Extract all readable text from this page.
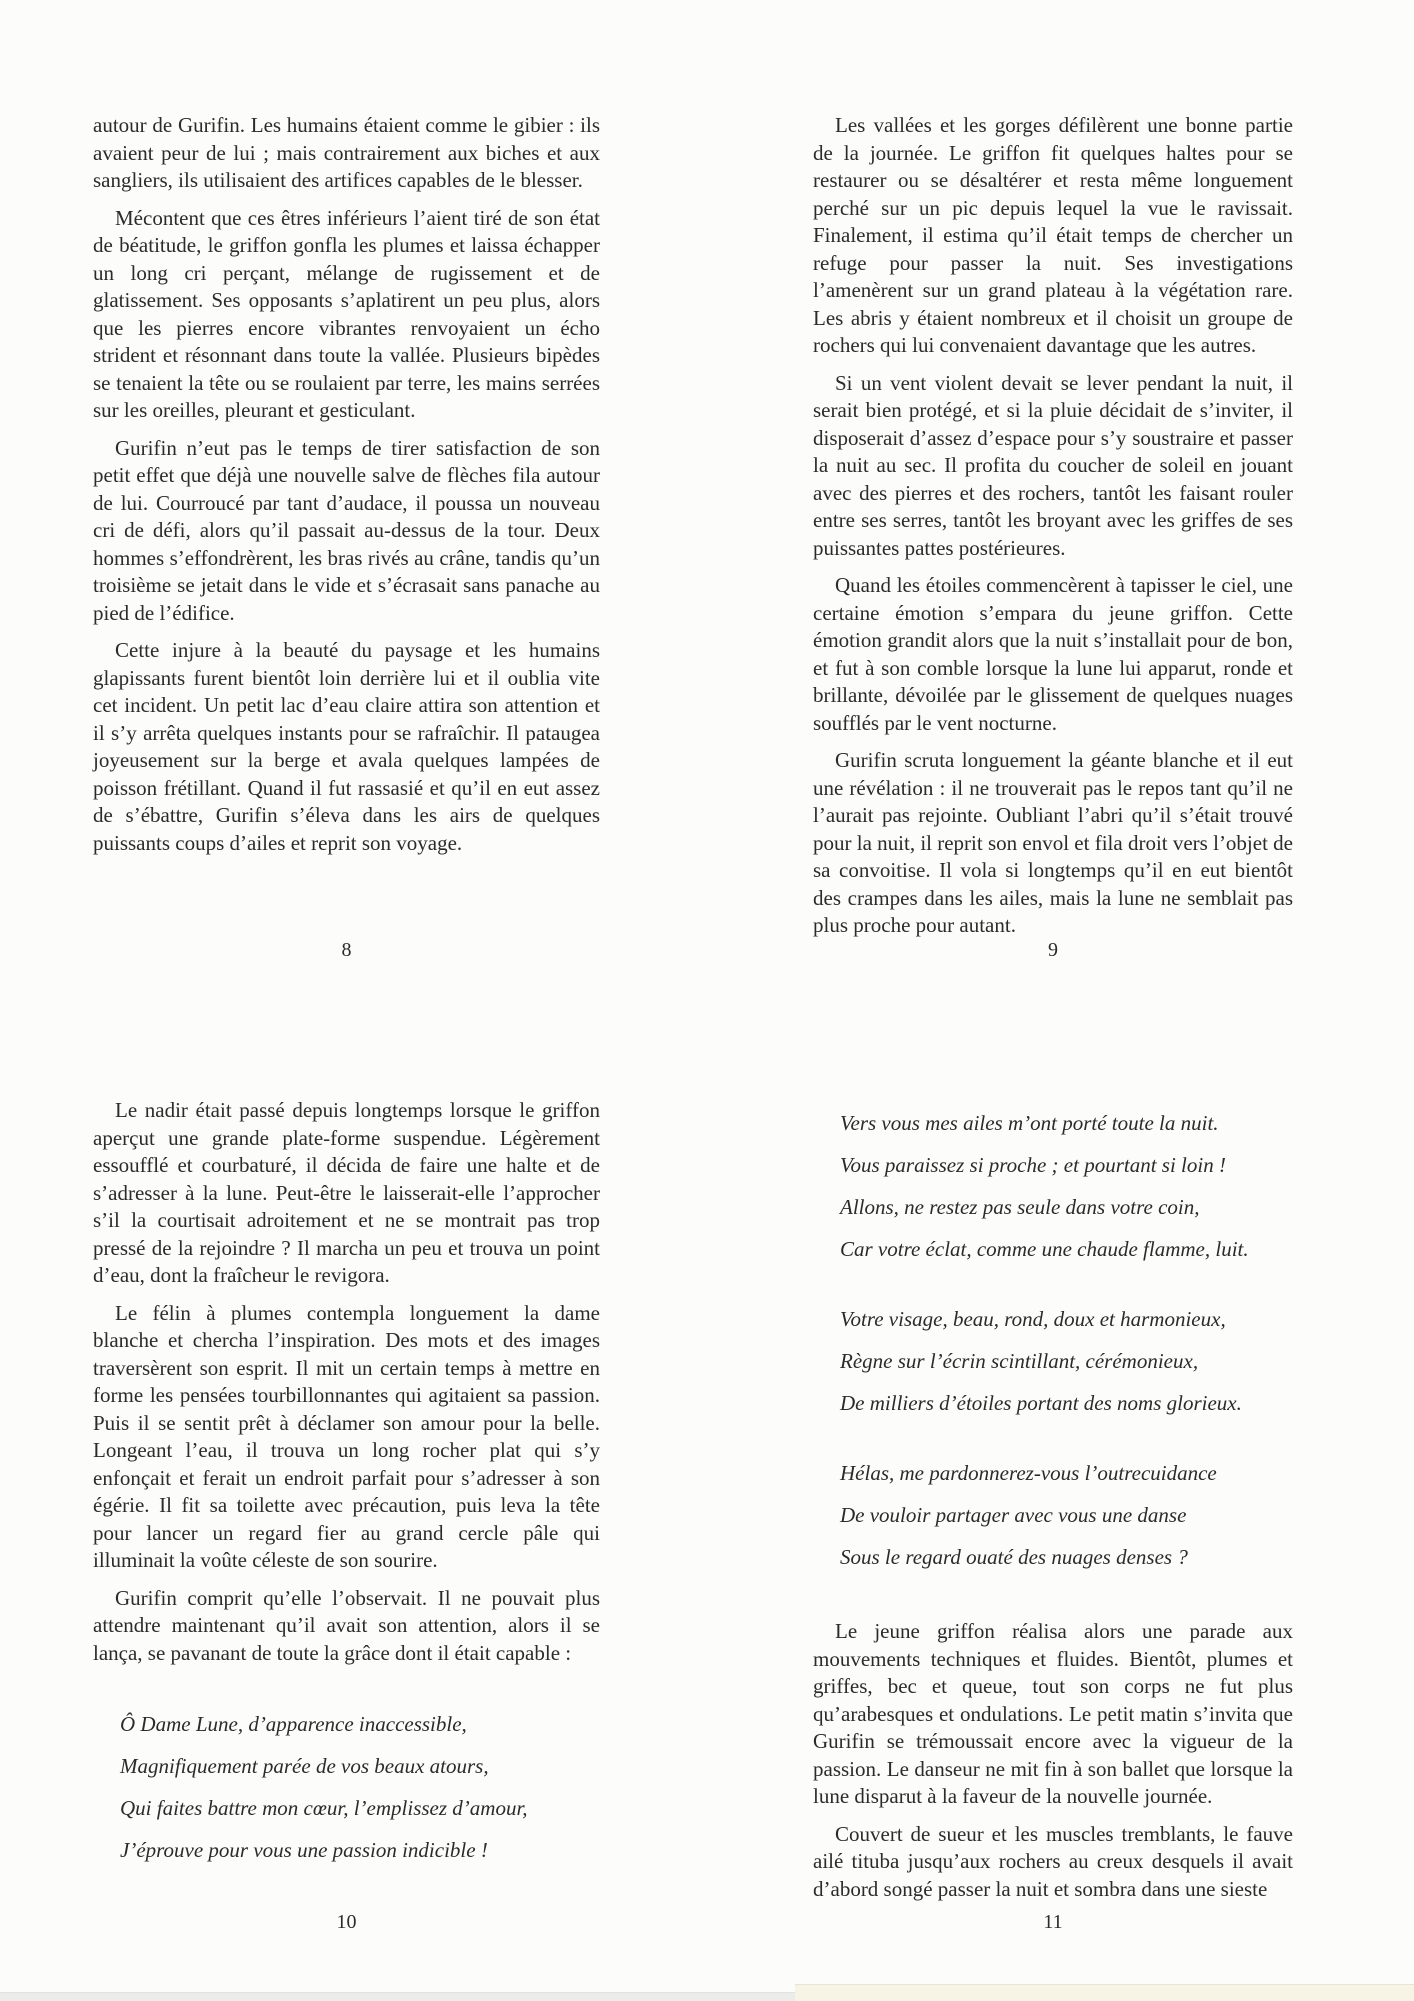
autour de Gurifin. Les humains étaient comme le gibier : ils avaient peur de lui ; mais contrairement aux biches et aux sangliers, ils utilisaient des artifices capables de le blesser.

Mécontent que ces êtres inférieurs l’aient tiré de son état de béatitude, le griffon gonfla les plumes et laissa échapper un long cri perçant, mélange de rugissement et de glatissement. Ses opposants s’aplatirent un peu plus, alors que les pierres encore vibrantes renvoyaient un écho strident et résonnant dans toute la vallée. Plusieurs bipèdes se tenaient la tête ou se roulaient par terre, les mains serrées sur les oreilles, pleurant et gesticulant.

Gurifin n’eut pas le temps de tirer satisfaction de son petit effet que déjà une nouvelle salve de flèches fila autour de lui. Courroucé par tant d’audace, il poussa un nouveau cri de défi, alors qu’il passait au-dessus de la tour. Deux hommes s’effondrèrent, les bras rivés au crâne, tandis qu’un troisième se jetait dans le vide et s’écrasait sans panache au pied de l’édifice.

Cette injure à la beauté du paysage et les humains glapissants furent bientôt loin derrière lui et il oublia vite cet incident. Un petit lac d’eau claire attira son attention et il s’y arrêta quelques instants pour se rafraîchir. Il pataugea joyeusement sur la berge et avala quelques lampées de poisson frétillant. Quand il fut rassasié et qu’il en eut assez de s’ébattre, Gurifin s’éleva dans les airs de quelques puissants coups d’ailes et reprit son voyage.

8

Les vallées et les gorges défilèrent une bonne partie de la journée. Le griffon fit quelques haltes pour se restaurer ou se désaltérer et resta même longuement perché sur un pic depuis lequel la vue le ravissait. Finalement, il estima qu’il était temps de chercher un refuge pour passer la nuit. Ses investigations l’amenèrent sur un grand plateau à la végétation rare. Les abris y étaient nombreux et il choisit un groupe de rochers qui lui convenaient davantage que les autres.

Si un vent violent devait se lever pendant la nuit, il serait bien protégé, et si la pluie décidait de s’inviter, il disposerait d’assez d’espace pour s’y soustraire et passer la nuit au sec. Il profita du coucher de soleil en jouant avec des pierres et des rochers, tantôt les faisant rouler entre ses serres, tantôt les broyant avec les griffes de ses puissantes pattes postérieures.

Quand les étoiles commencèrent à tapisser le ciel, une certaine émotion s’empara du jeune griffon. Cette émotion grandit alors que la nuit s’installait pour de bon, et fut à son comble lorsque la lune lui apparut, ronde et brillante, dévoilée par le glissement de quelques nuages soufflés par le vent nocturne.

Gurifin scruta longuement la géante blanche et il eut une révélation : il ne trouverait pas le repos tant qu’il ne l’aurait pas rejointe. Oubliant l’abri qu’il s’était trouvé pour la nuit, il reprit son envol et fila droit vers l’objet de sa convoitise. Il vola si longtemps qu’il en eut bientôt des crampes dans les ailes, mais la lune ne semblait pas plus proche pour autant.

9

Le nadir était passé depuis longtemps lorsque le griffon aperçut une grande plate-forme suspendue. Légèrement essoufflé et courbaturé, il décida de faire une halte et de s’adresser à la lune. Peut-être le laisserait-elle l’approcher s’il la courtisait adroitement et ne se montrait pas trop pressé de la rejoindre ? Il marcha un peu et trouva un point d’eau, dont la fraîcheur le revigora.

Le félin à plumes contempla longuement la dame blanche et chercha l’inspiration. Des mots et des images traversèrent son esprit. Il mit un certain temps à mettre en forme les pensées tourbillonnantes qui agitaient sa passion. Puis il se sentit prêt à déclamer son amour pour la belle. Longeant l’eau, il trouva un long rocher plat qui s’y enfonçait et ferait un endroit parfait pour s’adresser à son égérie. Il fit sa toilette avec précaution, puis leva la tête pour lancer un regard fier au grand cercle pâle qui illuminait la voûte céleste de son sourire.

Gurifin comprit qu’elle l’observait. Il ne pouvait plus attendre maintenant qu’il avait son attention, alors il se lança, se pavanant de toute la grâce dont il était capable :

Ô Dame Lune, d’apparence inaccessible,
Magnifiquement parée de vos beaux atours,
Qui faites battre mon cœur, l’emplissez d’amour,
J’éprouve pour vous une passion indicible !
10
Vers vous mes ailes m’ont porté toute la nuit.
Vous paraissez si proche ; et pourtant si loin !
Allons, ne restez pas seule dans votre coin,
Car votre éclat, comme une chaude flamme, luit.
Votre visage, beau, rond, doux et harmonieux,
Règne sur l’écrin scintillant, cérémonieux,
De milliers d’étoiles portant des noms glorieux.
Hélas, me pardonnerez-vous l’outrecuidance
De vouloir partager avec vous une danse
Sous le regard ouaté des nuages denses ?

Le jeune griffon réalisa alors une parade aux mouvements techniques et fluides. Bientôt, plumes et griffes, bec et queue, tout son corps ne fut plus qu’arabesques et ondulations. Le petit matin s’invita que Gurifin se trémoussait encore avec la vigueur de la passion. Le danseur ne mit fin à son ballet que lorsque la lune disparut à la faveur de la nouvelle journée.

Couvert de sueur et les muscles tremblants, le fauve ailé tituba jusqu’aux rochers au creux desquels il avait d’abord songé passer la nuit et sombra dans une sieste

11
